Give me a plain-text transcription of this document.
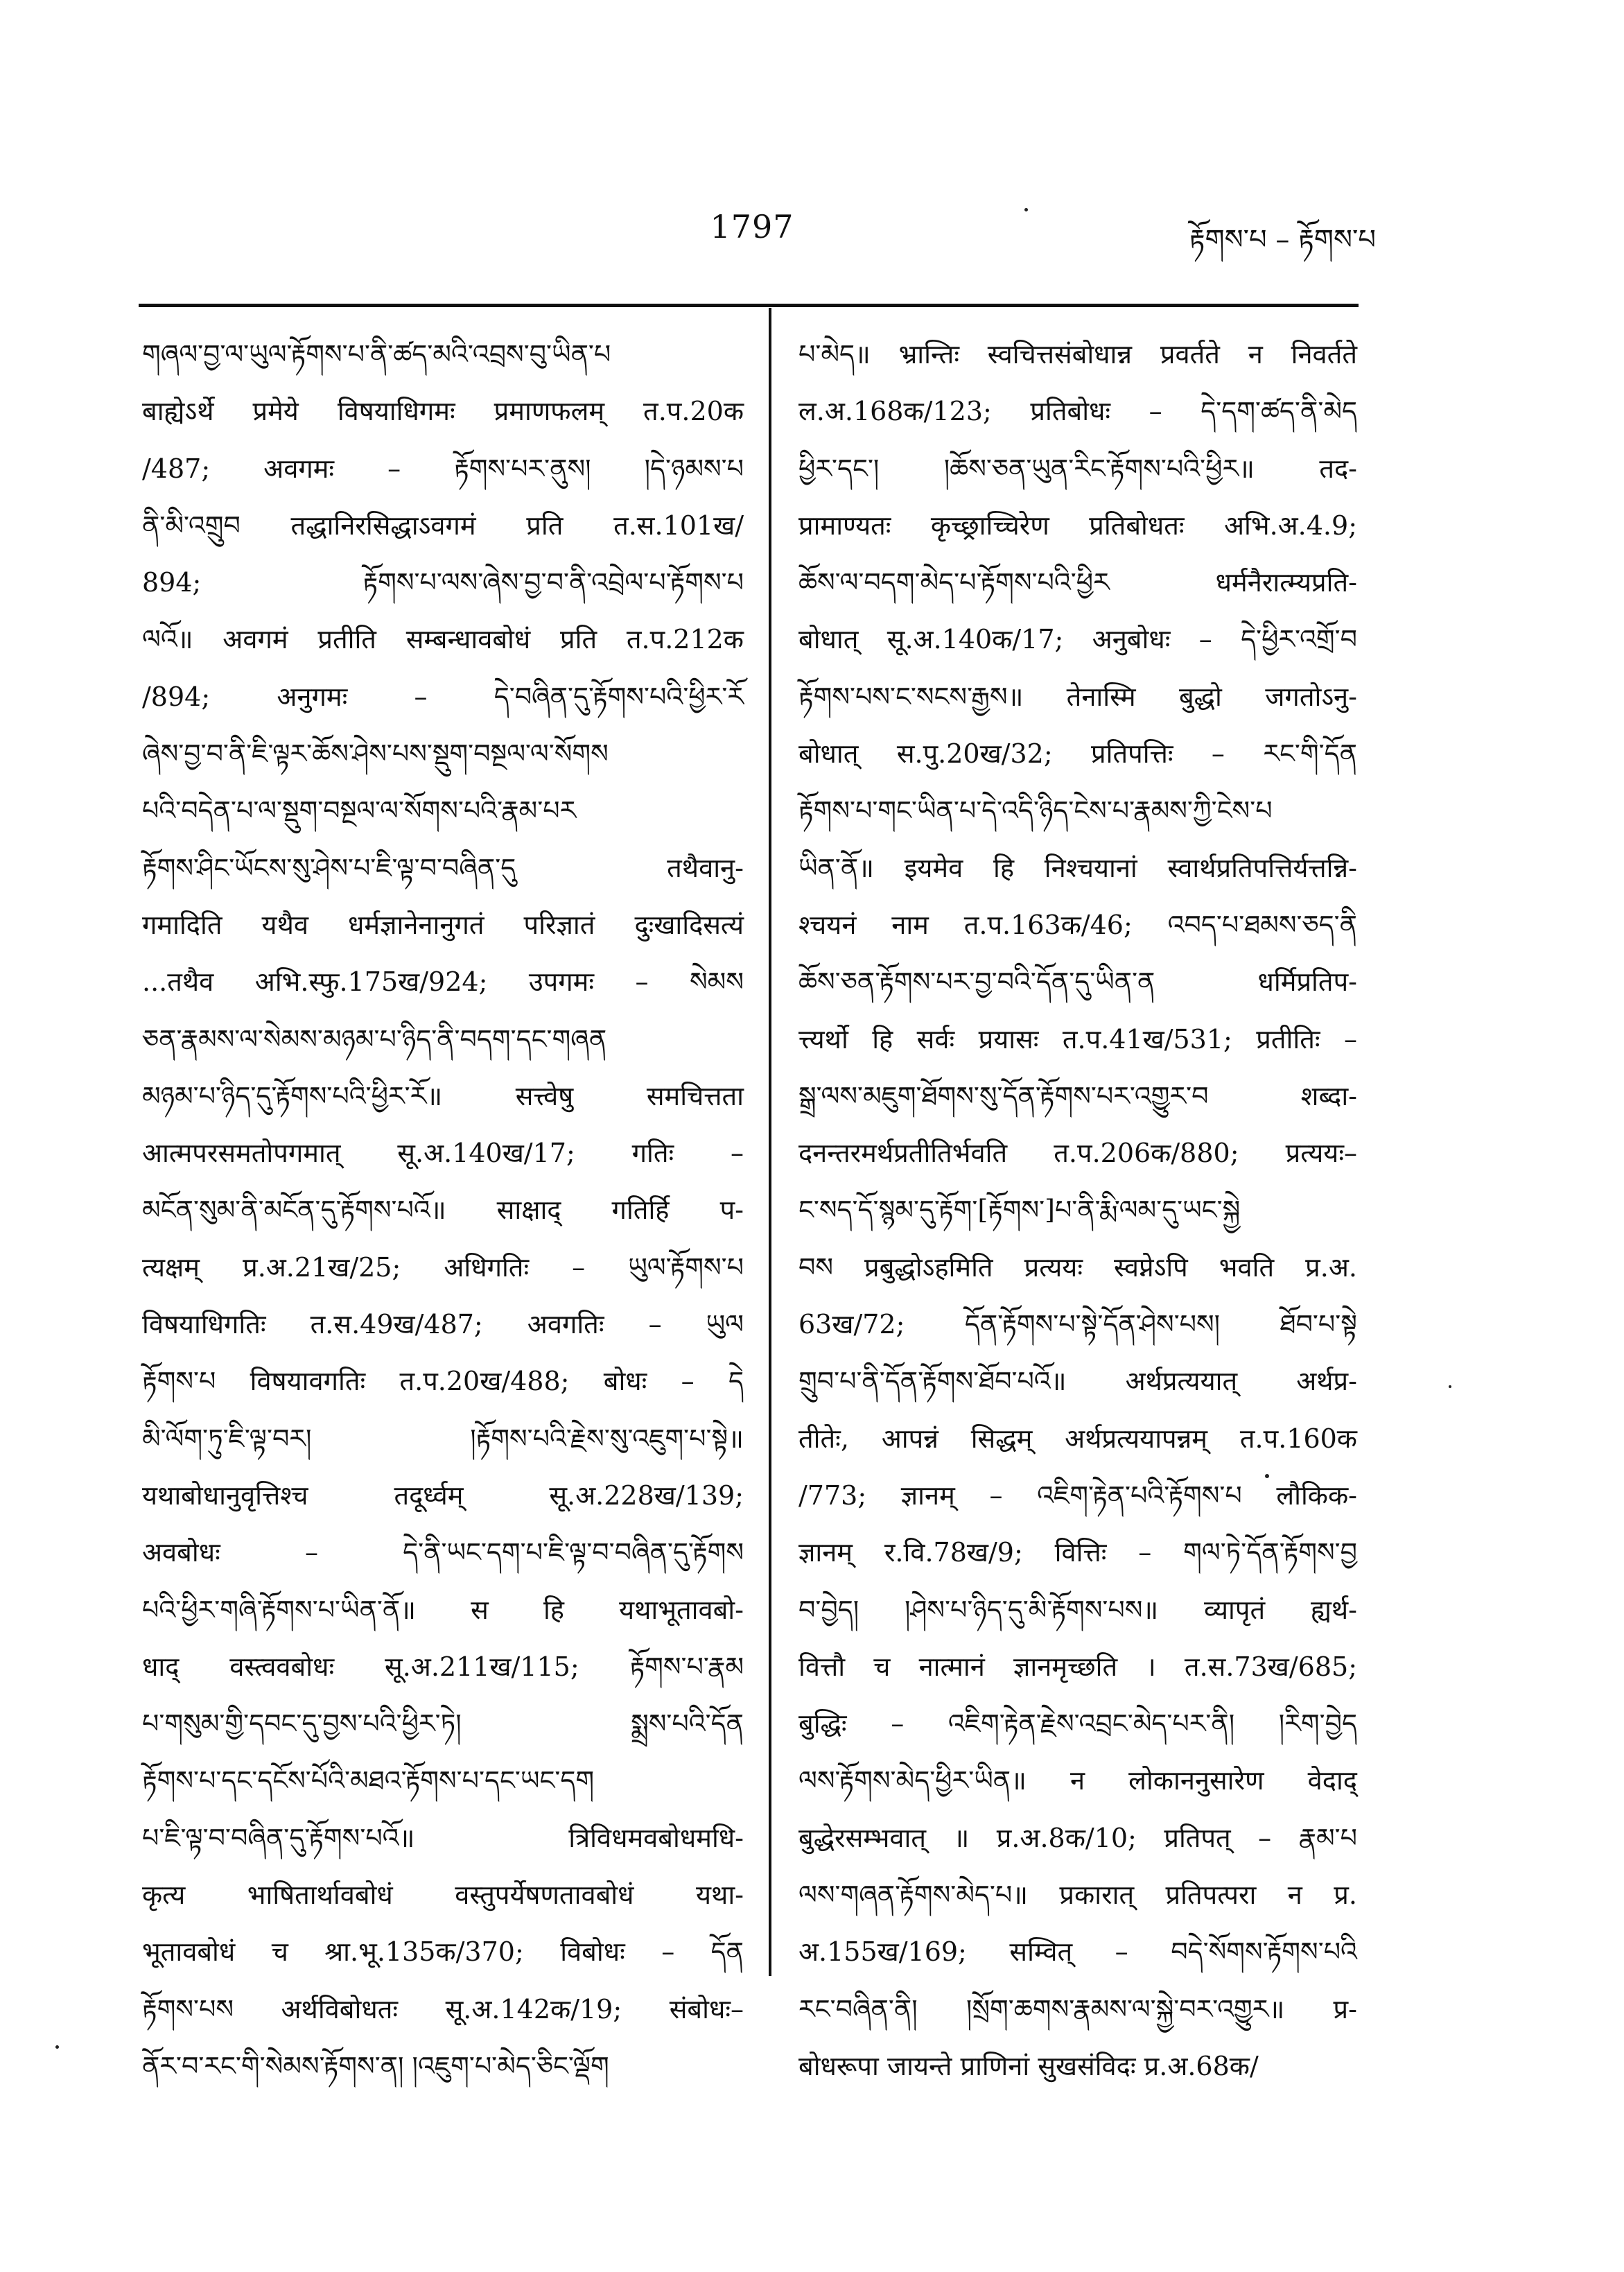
1797	རྟོགས་པ – རྟོགས་པ
གཞལ་བྱ་ལ་ཡུལ་རྟོགས་པ་ནི་ཚད་མའི་འབྲས་བུ་ཡིན་པ
बाह्येऽर्थे प्रमेये विषयाधिगमः प्रमाणफलम् त.प.20क
/487; अवगमः – རྟོགས་པར་ནུས། །དེ་ཉམས་པ
ནི་མི་འགྲུབ तद्धानिरसिद्धाऽवगमं प्रति त.स.101ख/
894; རྟོགས་པ་ལས་ཞེས་བྱ་བ་ནི་འབྲེལ་པ་རྟོགས་པ
ལའོ॥ अवगमं प्रतीति सम्बन्धावबोधं प्रति त.प.212क
/894; अनुगमः – དེ་བཞིན་དུ་རྟོགས་པའི་ཕྱིར་རོ
ཞེས་བྱ་བ་ནི་ཇི་ལྟར་ཆོས་ཤེས་པས་སྡུག་བསྔལ་ལ་སོགས
པའི་བདེན་པ་ལ་སྡུག་བསྔལ་ལ་སོགས་པའི་རྣམ་པར
རྟོགས་ཤིང་ཡོངས་སུ་ཤེས་པ་ཇི་ལྟ་བ་བཞིན་དུ तथैवानु-
गमादिति यथैव धर्मज्ञानेनानुगतं परिज्ञातं दुःखादिसत्यं
...तथैव अभि.स्फु.175ख/924; उपगमः – སེམས
ཅན་རྣམས་ལ་སེམས་མཉམ་པ་ཉིད་ནི་བདག་དང་གཞན
མཉམ་པ་ཉིད་དུ་རྟོགས་པའི་ཕྱིར་རོ॥ सत्त्वेषु समचित्तता
आत्मपरसमतोपगमात् सू.अ.140ख/17; गतिः –
མངོན་སུམ་ནི་མངོན་དུ་རྟོགས་པའོ॥ साक्षाद् गतिर्हि प-
त्यक्षम् प्र.अ.21ख/25; अधिगतिः – ཡུལ་རྟོགས་པ
विषयाधिगतिः त.स.49ख/487; अवगतिः – ཡུལ
རྟོགས་པ विषयावगतिः त.प.20ख/488; बोधः – དེ
མི་ལོག་ཏུ་ཇི་ལྟ་བར། །རྟོགས་པའི་རྗེས་སུ་འཇུག་པ་སྟེ॥
यथाबोधानुवृत्तिश्च तदूर्ध्वम् सू.अ.228ख/139;
अवबोधः – དེ་ནི་ཡང་དག་པ་ཇི་ལྟ་བ་བཞིན་དུ་རྟོགས
པའི་ཕྱིར་གཞི་རྟོགས་པ་ཡིན་ནོ॥ स हि यथाभूतावबो-
धाद् वस्त्ववबोधः सू.अ.211ख/115; རྟོགས་པ་རྣམ
པ་གསུམ་གྱི་དབང་དུ་བྱས་པའི་ཕྱིར་ཏེ། སྨྲས་པའི་དོན
རྟོགས་པ་དང་དངོས་པོའི་མཐའ་རྟོགས་པ་དང་ཡང་དག
པ་ཇི་ལྟ་བ་བཞིན་དུ་རྟོགས་པའོ॥ त्रिविधमवबोधमधि-
कृत्य भाषितार्थावबोधं वस्तुपर्येषणतावबोधं यथा-
भूतावबोधं च श्रा.भू.135क/370; विबोधः – དོན
རྟོགས་པས अर्थविबोधतः सू.अ.142क/19; संबोधः–
ནོར་བ་རང་གི་སེམས་རྟོགས་ན། །འཇུག་པ་མེད་ཅིང་ལྡོག
པ་མེད॥ भ्रान्तिः स्वचित्तसंबोधान्न प्रवर्तते न निवर्तते
ल.अ.168क/123; प्रतिबोधः – དེ་དག་ཚད་ནི་མེད
ཕྱིར་དང་། །ཆོས་ཅན་ཡུན་རིང་རྟོགས་པའི་ཕྱིར॥ तद-
प्रामाण्यतः कृच्छ्राच्चिरेण प्रतिबोधतः अभि.अ.4.9;
ཆོས་ལ་བདག་མེད་པ་རྟོགས་པའི་ཕྱིར धर्मनैरात्म्यप्रति-
बोधात् सू.अ.140क/17; अनुबोधः – དེ་ཕྱིར་འགྲོ་བ
རྟོགས་པས་ང་སངས་རྒྱས॥ तेनास्मि बुद्धो जगतोऽनु-
बोधात् स.पु.20ख/32; प्रतिपत्तिः – རང་གི་དོན
རྟོགས་པ་གང་ཡིན་པ་དེ་འདི་ཉིད་ངེས་པ་རྣམས་ཀྱི་ངེས་པ
ཡིན་ནོ॥ इयमेव हि निश्चयानां स्वार्थप्रतिपत्तिर्यत्तन्नि-
श्चयनं नाम त.प.163क/46; འབད་པ་ཐམས་ཅད་ནི
ཆོས་ཅན་རྟོགས་པར་བྱ་བའི་དོན་དུ་ཡིན་ན धर्मिप्रतिप-
त्त्यर्थो हि सर्वः प्रयासः त.प.41ख/531; प्रतीतिः –
སྒྲ་ལས་མཇུག་ཐོགས་སུ་དོན་རྟོགས་པར་འགྱུར་བ शब्दा-
दनन्तरमर्थप्रतीतिर्भवति त.प.206क/880; प्रत्ययः–
ང་སད་དོ་སྙམ་དུ་རྟོག་[རྟོགས་]པ་ནི་རྨི་ལམ་དུ་ཡང་སྐྱེ
བས प्रबुद्धोऽहमिति प्रत्ययः स्वप्नेऽपि भवति प्र.अ.
63ख/72; དོན་རྟོགས་པ་སྟེ་དོན་ཤེས་པས། ཐོབ་པ་སྟེ
གྲུབ་པ་ནི་དོན་རྟོགས་ཐོབ་པའོ॥ अर्थप्रत्ययात् अर्थप्र-
तीतेः, आपन्नं सिद्धम् अर्थप्रत्ययापन्नम् त.प.160क
/773; ज्ञानम् – འཇིག་རྟེན་པའི་རྟོགས་པ लौकिक-
ज्ञानम् र.वि.78ख/9; वित्तिः – གལ་ཏེ་དོན་རྟོགས་བྱ
བ་བྱེད། །ཤེས་པ་ཉིད་དུ་མི་རྟོགས་པས॥ व्यापृतं ह्यर्थ-
वित्तौ च नात्मानं ज्ञानमृच्छति । त.स.73ख/685;
बुद्धिः – འཇིག་རྟེན་རྗེས་འབྲང་མེད་པར་ནི། །རིག་བྱེད
ལས་རྟོགས་མེད་ཕྱིར་ཡིན॥ न लोकाननुसारेण वेदाद्
बुद्धेरसम्भवात् ॥ प्र.अ.8क/10; प्रतिपत् – རྣམ་པ
ལས་གཞན་རྟོགས་མེད་པ॥ प्रकारात् प्रतिपत्परा न प्र.
अ.155ख/169; सम्वित् – བདེ་སོགས་རྟོགས་པའི
རང་བཞིན་ནི། །སྲོག་ཆགས་རྣམས་ལ་སྐྱེ་བར་འགྱུར॥ प्र-
बोधरूपा जायन्ते प्राणिनां सुखसंविदः प्र.अ.68क/
